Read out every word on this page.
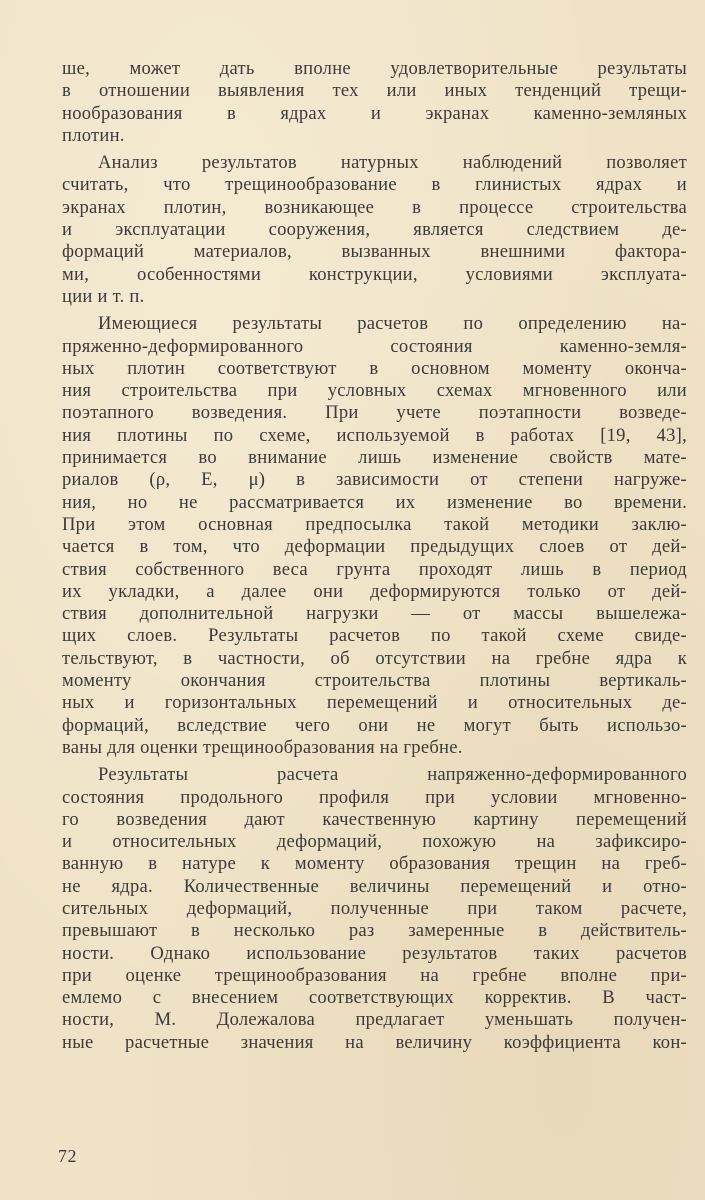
ше, может дать вполне удовлетворительные результаты
в отношении выявления тех или иных тенденций трещи-
нообразования в ядрах и экранах каменно-земляных
плотин.
Анализ результатов натурных наблюдений позволяет
считать, что трещинообразование в глинистых ядрах и
экранах плотин, возникающее в процессе строительства
и эксплуатации сооружения, является следствием де-
формаций материалов, вызванных внешними фактора-
ми, особенностями конструкции, условиями эксплуата-
ции и т. п.
Имеющиеся результаты расчетов по определению на-
пряженно-деформированного состояния каменно-земля-
ных плотин соответствуют в основном моменту оконча-
ния строительства при условных схемах мгновенного или
поэтапного возведения. При учете поэтапности возведе-
ния плотины по схеме, используемой в работах [19, 43],
принимается во внимание лишь изменение свойств мате-
риалов (ρ, E, μ) в зависимости от степени нагруже-
ния, но не рассматривается их изменение во времени.
При этом основная предпосылка такой методики заклю-
чается в том, что деформации предыдущих слоев от дей-
ствия собственного веса грунта проходят лишь в период
их укладки, а далее они деформируются только от дей-
ствия дополнительной нагрузки — от массы вышележа-
щих слоев. Результаты расчетов по такой схеме свиде-
тельствуют, в частности, об отсутствии на гребне ядра к
моменту окончания строительства плотины вертикаль-
ных и горизонтальных перемещений и относительных де-
формаций, вследствие чего они не могут быть использо-
ваны для оценки трещинообразования на гребне.
Результаты расчета напряженно-деформированного
состояния продольного профиля при условии мгновенно-
го возведения дают качественную картину перемещений
и относительных деформаций, похожую на зафиксиро-
ванную в натуре к моменту образования трещин на греб-
не ядра. Количественные величины перемещений и отно-
сительных деформаций, полученные при таком расчете,
превышают в несколько раз замеренные в действитель-
ности. Однако использование результатов таких расчетов
при оценке трещинообразования на гребне вполне при-
емлемо с внесением соответствующих корректив. В част-
ности, М. Долежалова предлагает уменьшать получен-
ные расчетные значения на величину коэффициента кон-
72
